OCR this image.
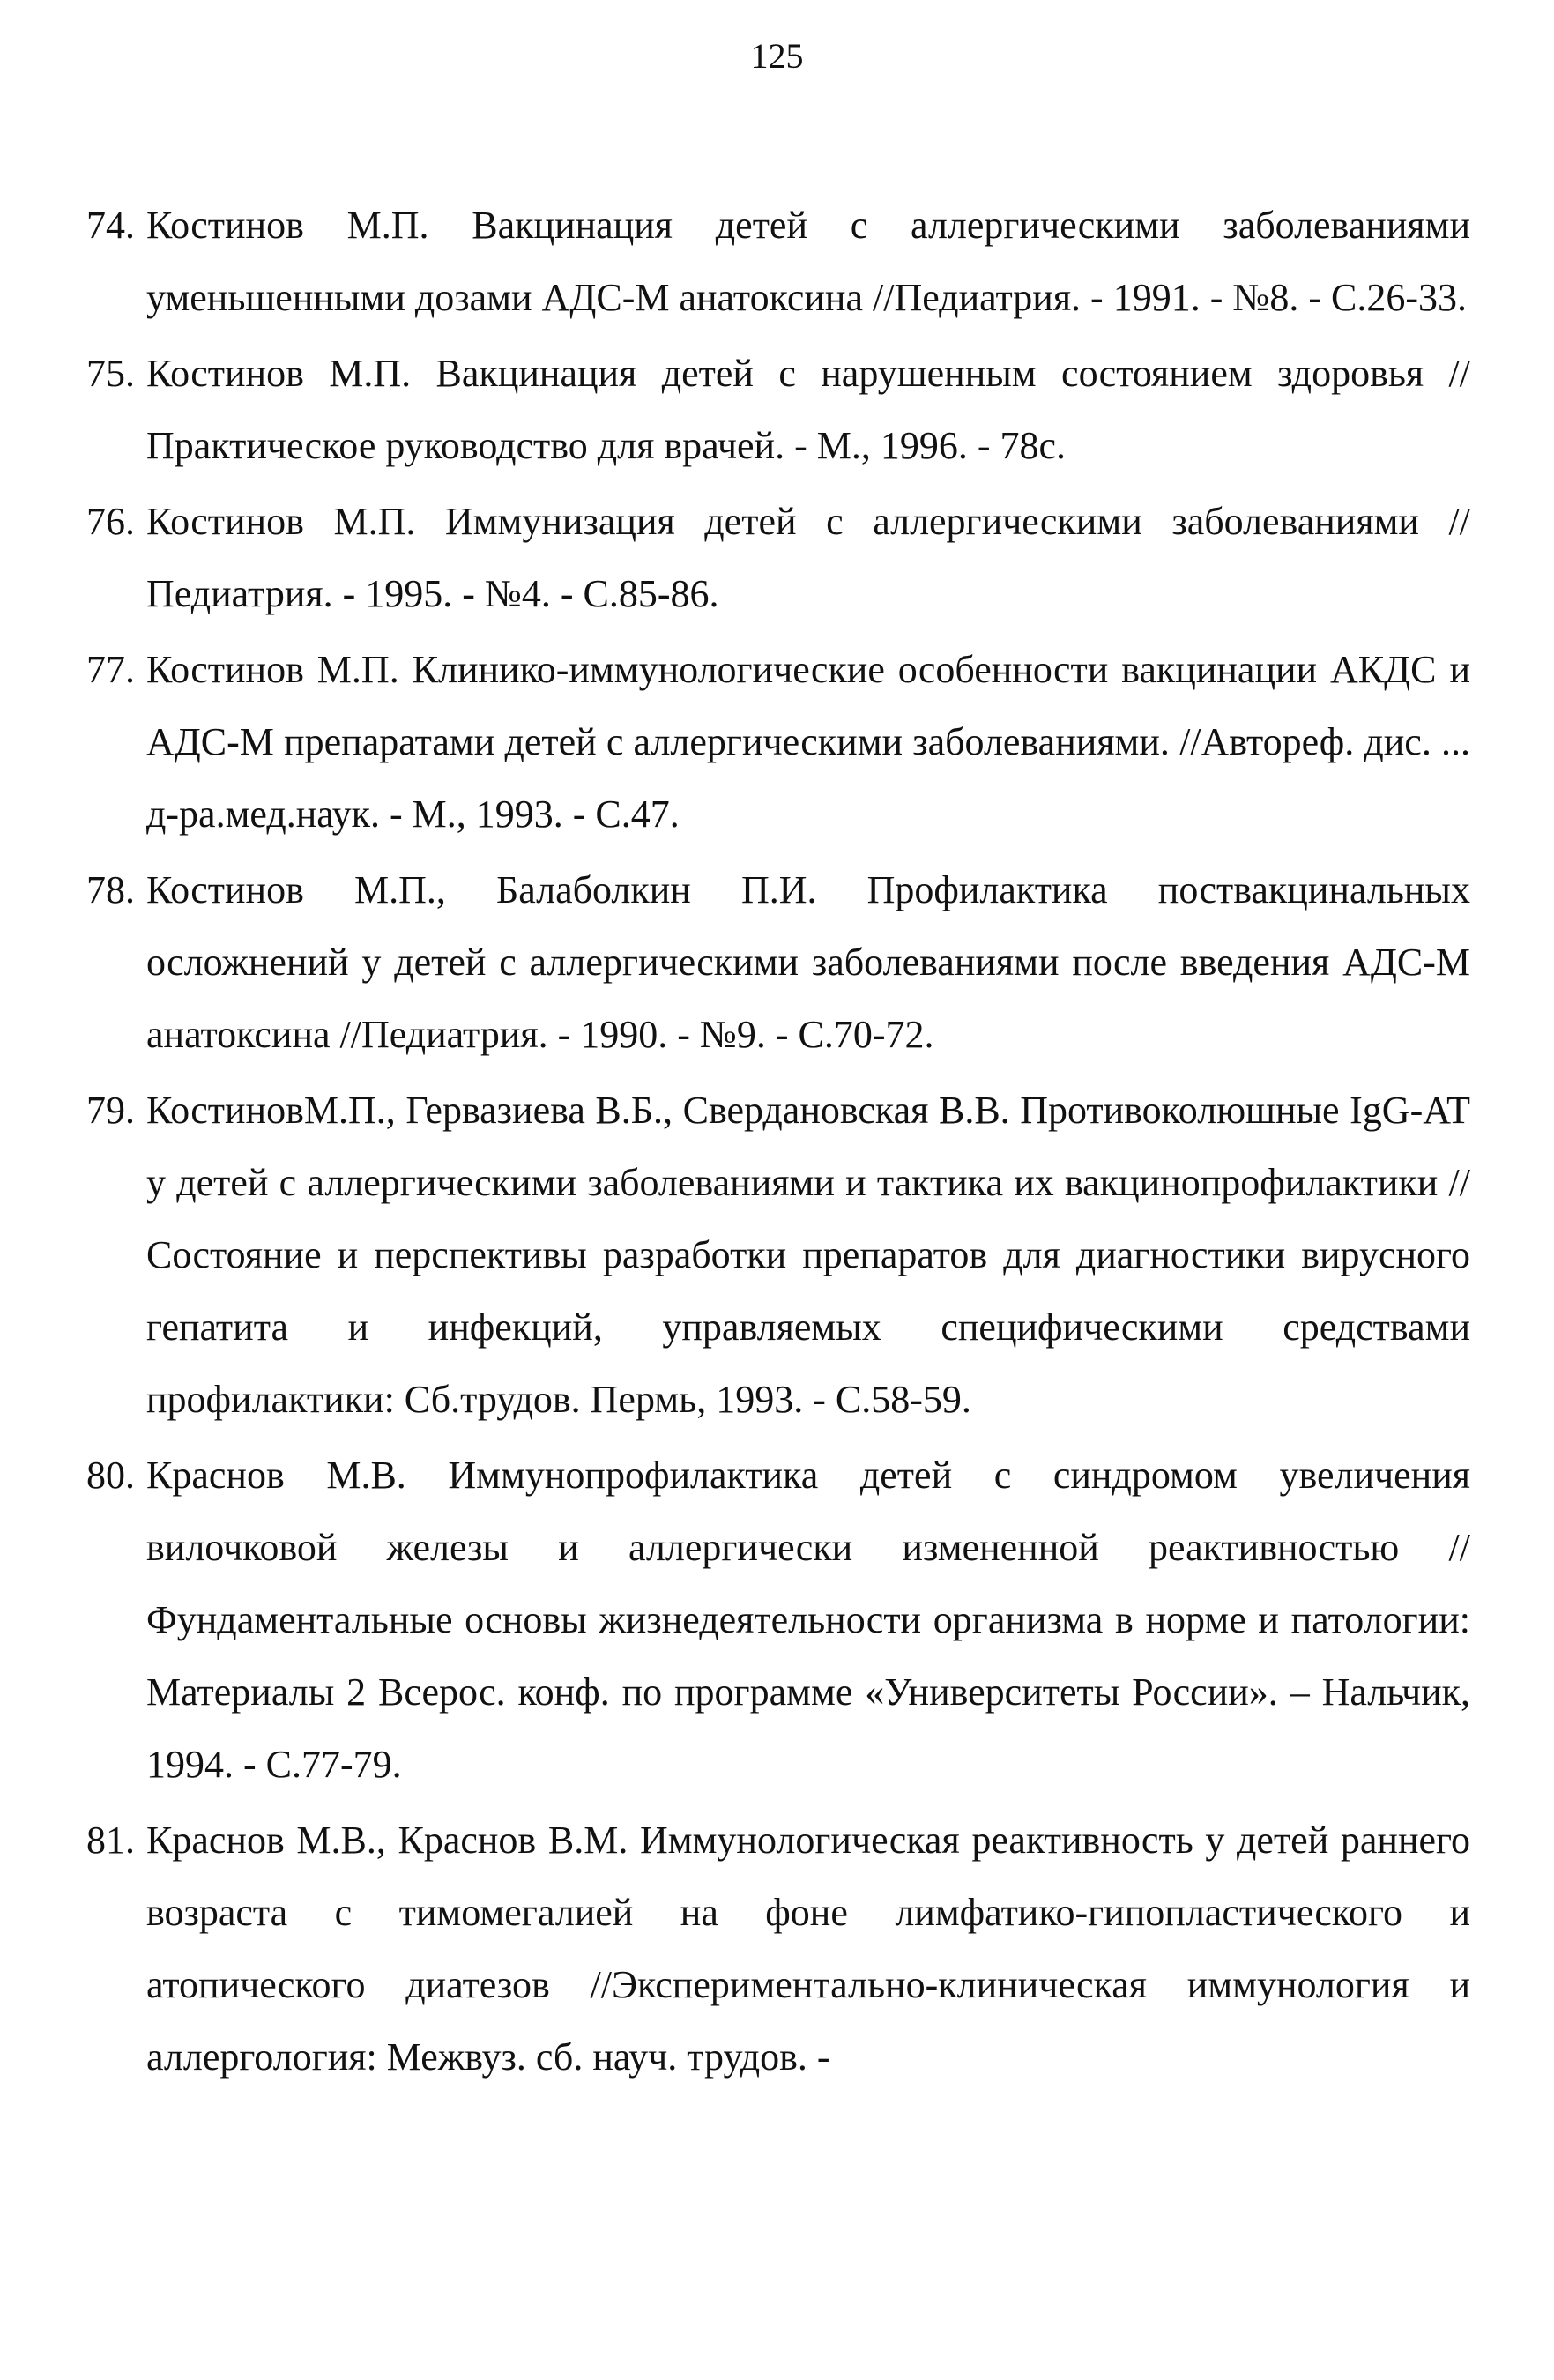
125
74. Костинов М.П. Вакцинация детей с аллергическими заболеваниями уменьшенными дозами АДС-М анатоксина //Педиатрия. - 1991. - №8. - С.26-33.
75. Костинов М.П. Вакцинация детей с нарушенным состоянием здоровья //Практическое руководство для врачей. - М., 1996. - 78с.
76. Костинов М.П. Иммунизация детей с аллергическими заболеваниями //Педиатрия. - 1995. - №4. - С.85-86.
77. Костинов М.П. Клинико-иммунологические особенности вакцинации АКДС и АДС-М препаратами детей с аллергическими заболеваниями. //Автореф. дис. ... д-ра.мед.наук. - М., 1993. - С.47.
78. Костинов М.П., Балаболкин П.И. Профилактика поствакцинальных осложнений у детей с аллергическими заболеваниями после введения АДС-М анатоксина //Педиатрия. - 1990. - №9. - С.70-72.
79. КостиновМ.П., Гервазиева В.Б., Свердановская В.В. Противоколюшные IgG-AT у детей с аллергическими заболеваниями и тактика их вакцинопрофилактики //Состояние и перспективы разработки препаратов для диагностики вирусного гепатита и инфекций, управляемых специфическими средствами профилактики: Сб.трудов. Пермь, 1993. - С.58-59.
80. Краснов М.В. Иммунопрофилактика детей с синдромом увеличения вилочковой железы и аллергически измененной реактивностью //Фундаментальные основы жизнедеятельности организма в норме и патологии: Материалы 2 Всерос. конф. по программе «Университеты России». – Нальчик, 1994. - С.77-79.
81. Краснов М.В., Краснов В.М. Иммунологическая реактивность у детей раннего возраста с тимомегалией на фоне лимфатико-гипопластического и атопического диатезов //Экспериментально-клиническая иммунология и аллергология: Межвуз. сб. науч. трудов. -
